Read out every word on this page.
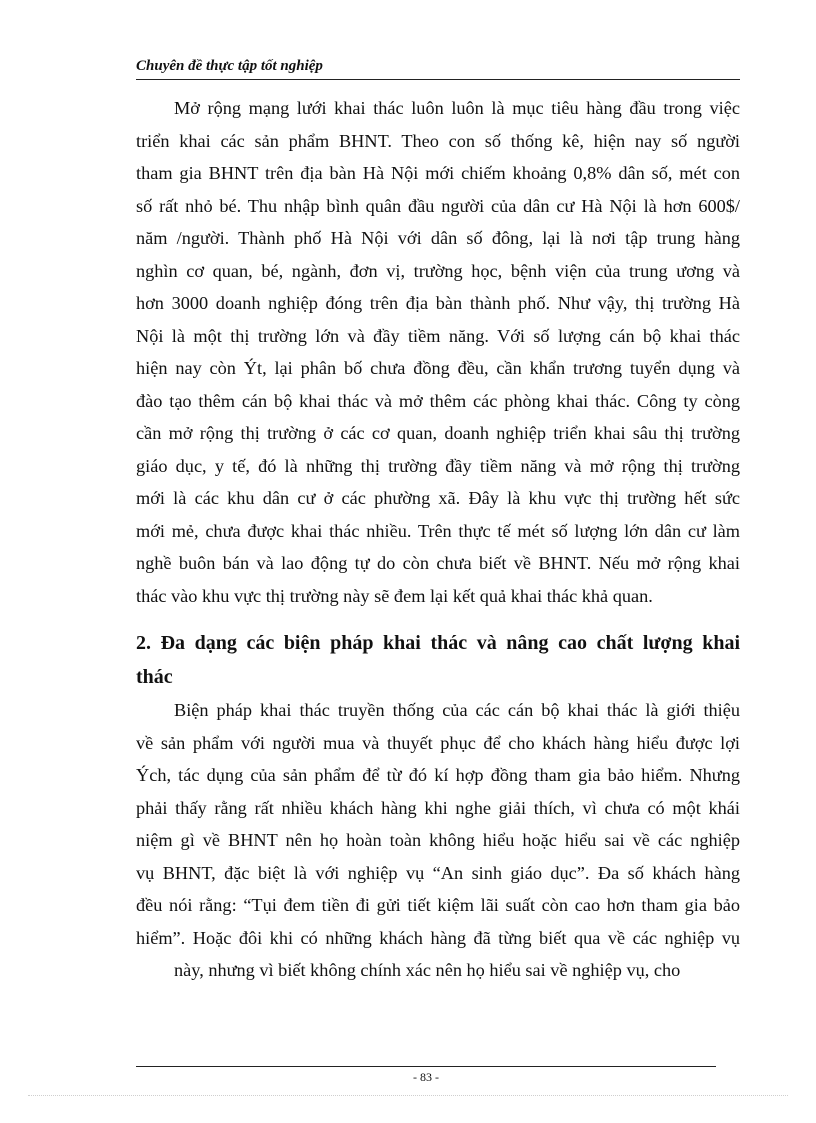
Chuyên đề thực tập tốt nghiệp
Mở rộng mạng lưới khai thác luôn luôn là mục tiêu hàng đầu trong việc
triển khai các sản phẩm BHNT. Theo con số thống kê, hiện nay số người
tham gia BHNT trên địa bàn Hà Nội mới chiếm khoảng 0,8% dân số, mét con
số rất nhỏ bé. Thu nhập bình quân đầu người của dân cư Hà Nội là hơn 600$/
năm /người. Thành phố Hà Nội với dân số đông, lại là nơi tập trung hàng
nghìn cơ quan, bé, ngành, đơn vị, trường học, bệnh viện của trung ương và
hơn 3000 doanh nghiệp đóng trên địa bàn thành phố. Như vậy, thị trường Hà
Nội là một thị trường lớn và đầy tiềm năng. Với số lượng cán bộ khai thác
hiện nay còn Ýt, lại phân bố chưa đồng đều, cần khẩn trương tuyển dụng và
đào tạo thêm cán bộ khai thác và mở thêm các phòng khai thác. Công ty còng
cần mở rộng thị trường ở các cơ quan, doanh nghiệp triển khai sâu thị trường
giáo dục, y tế, đó là những thị trường đầy tiềm năng và mở rộng thị trường
mới là các khu dân cư ở các phường xã. Đây là khu vực thị trường hết sức
mới mẻ, chưa được khai thác nhiều. Trên thực tế mét số lượng lớn dân cư làm
nghề buôn bán và lao động tự do còn chưa biết về BHNT. Nếu mở rộng khai
thác vào khu vực thị trường này sẽ đem lại kết quả khai thác khả quan.
2. Đa dạng các biện pháp khai thác và nâng cao chất lượng khai
thác
Biện pháp khai thác truyền thống của các cán bộ khai thác là giới thiệu
về sản phẩm với người mua và thuyết phục để cho khách hàng hiểu được lợi
Ých, tác dụng của sản phẩm để từ đó kí hợp đồng tham gia bảo hiểm. Nhưng
phải thấy rằng rất nhiều khách hàng khi nghe giải thích, vì chưa có một khái
niệm gì về BHNT nên họ hoàn toàn không hiểu hoặc hiểu sai về các nghiệp
vụ BHNT, đặc biệt là với nghiệp vụ “An sinh giáo dục”. Đa số khách hàng
đều nói rằng: “Tụi đem tiền đi gửi tiết kiệm lãi suất còn cao hơn tham gia bảo
hiểm”. Hoặc đôi khi có những khách hàng đã từng biết qua về các nghiệp vụ
này, nhưng vì biết không chính xác nên họ hiểu sai về nghiệp vụ, cho
- 83 -
